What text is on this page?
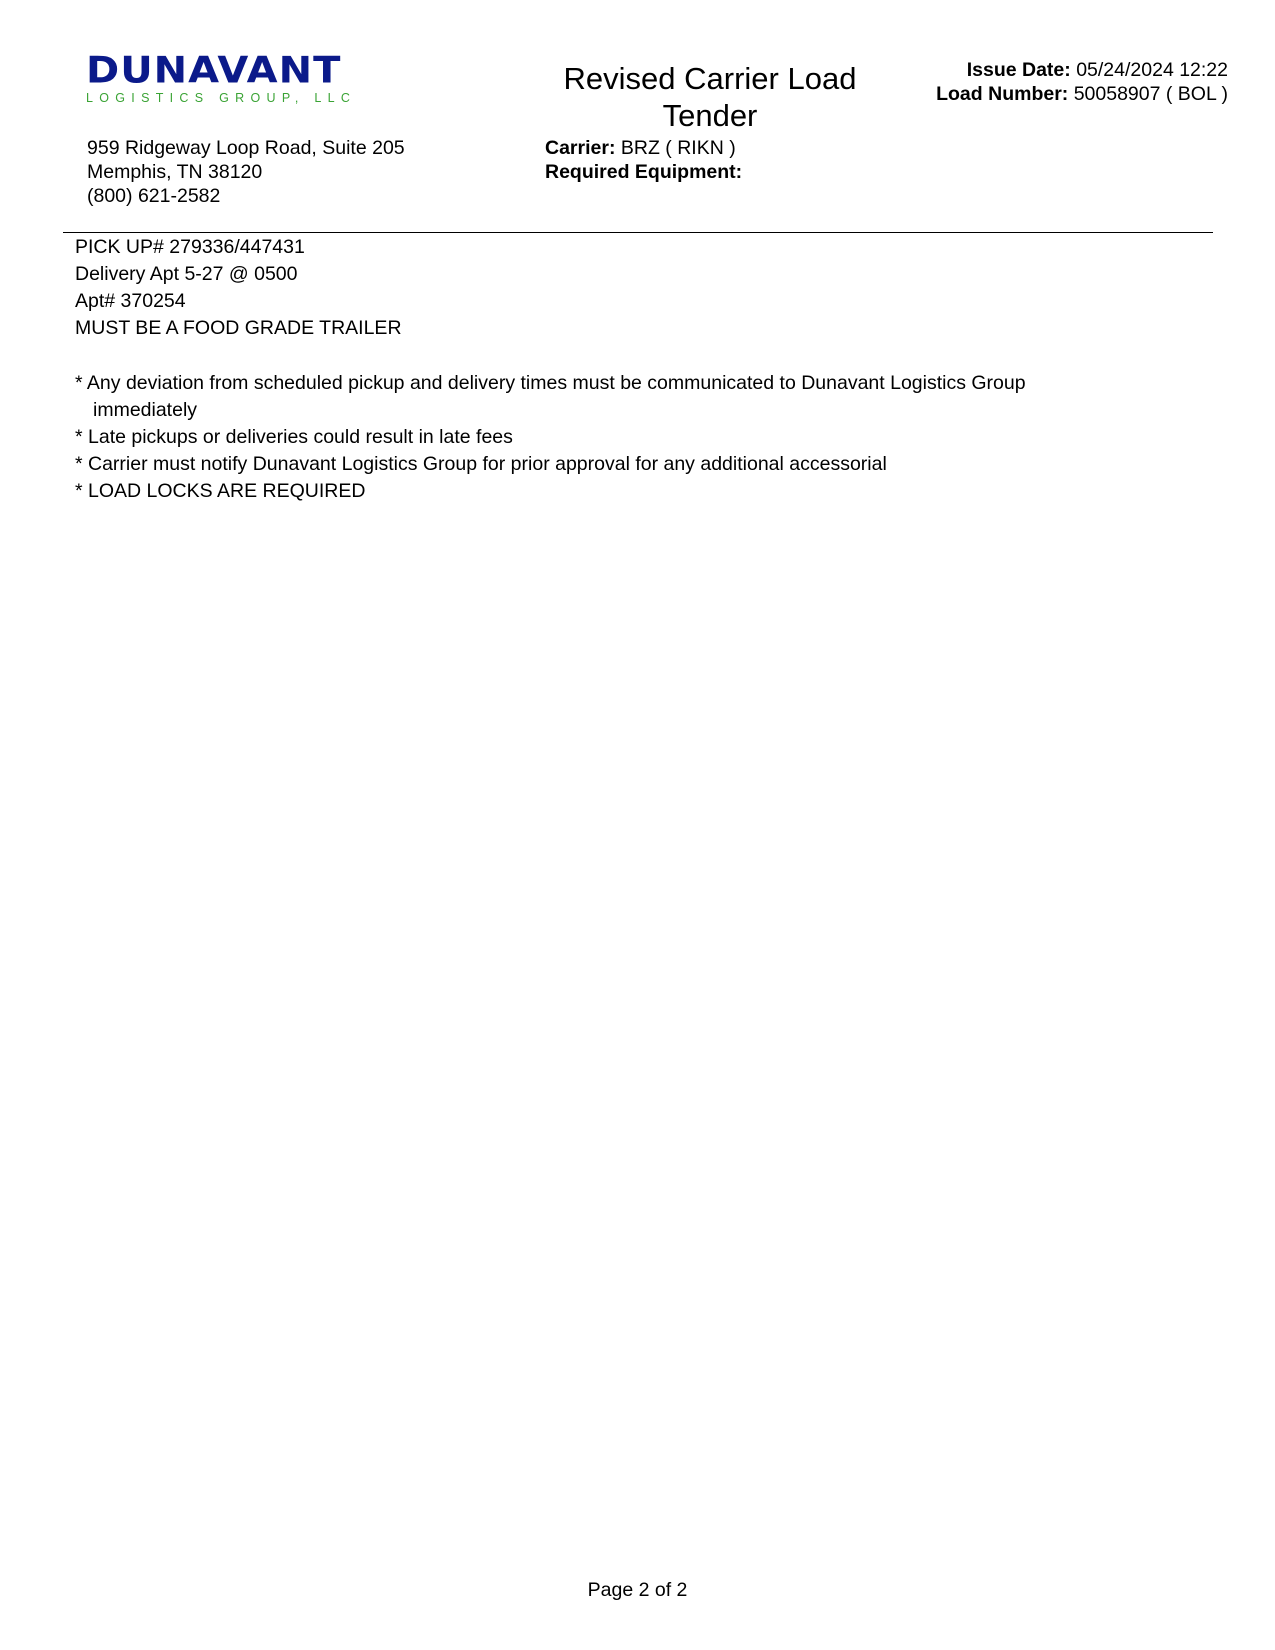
DUNAVANT
LOGISTICS GROUP, LLC
959 Ridgeway Loop Road, Suite 205
Memphis, TN 38120
(800) 621-2582
Revised Carrier Load
Tender
Carrier: BRZ ( RIKN )
Required Equipment:
Issue Date: 05/24/2024 12:22
Load Number: 50058907 ( BOL )
PICK UP# 279336/447431
Delivery Apt 5-27 @ 0500
Apt# 370254
MUST BE A FOOD GRADE TRAILER
* Any deviation from scheduled pickup and delivery times must be communicated to Dunavant Logistics Group
immediately
* Late pickups or deliveries could result in late fees
* Carrier must notify Dunavant Logistics Group for prior approval for any additional accessorial
* LOAD LOCKS ARE REQUIRED
Page 2 of 2
